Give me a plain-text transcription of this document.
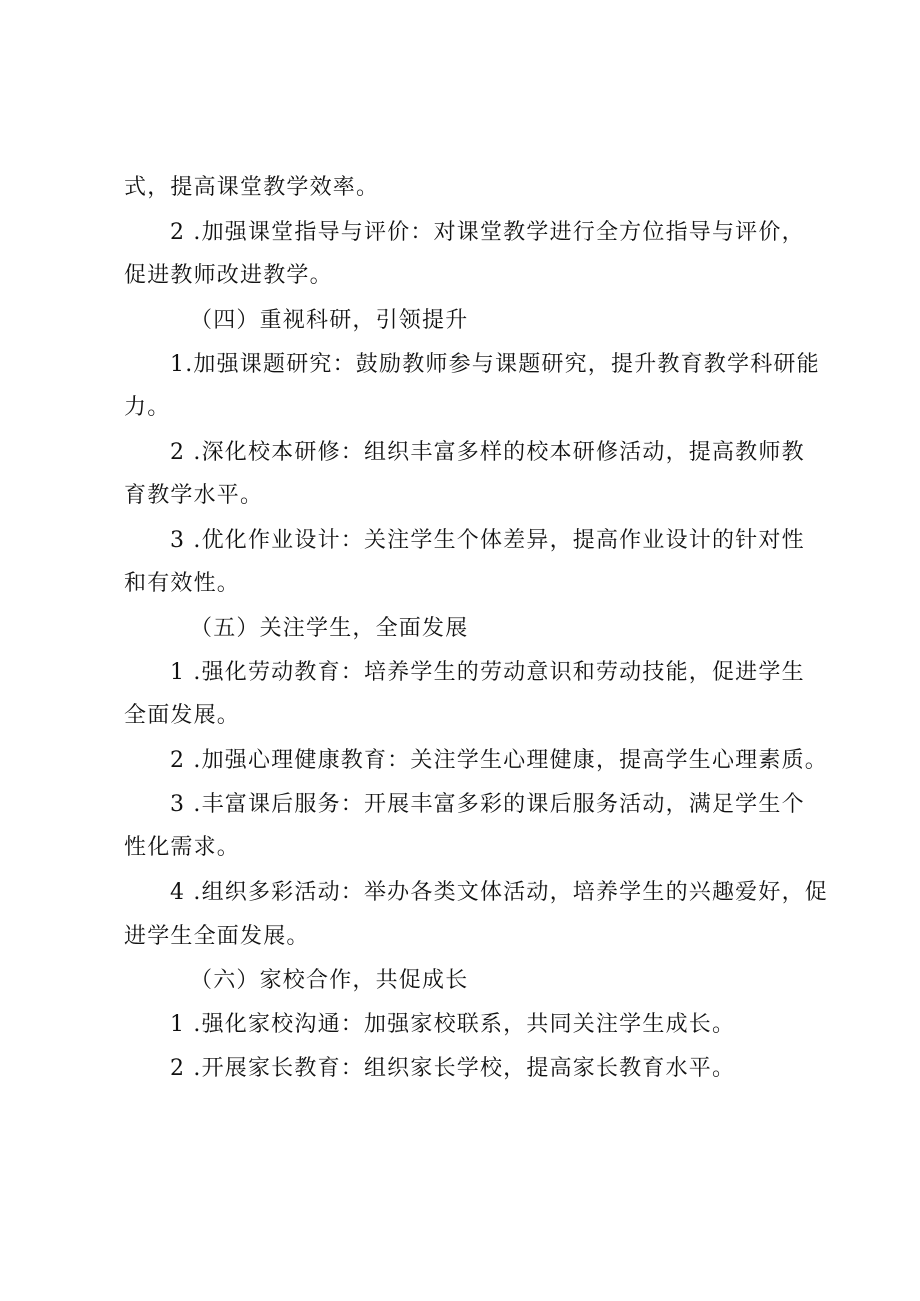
式，提高课堂教学效率。
2 .加强课堂指导与评价：对课堂教学进行全方位指导与评价，
促进教师改进教学。
（四）重视科研，引领提升
1.加强课题研究：鼓励教师参与课题研究，提升教育教学科研能
力。
2 .深化校本研修：组织丰富多样的校本研修活动，提高教师教
育教学水平。
3 .优化作业设计：关注学生个体差异，提高作业设计的针对性
和有效性。
（五）关注学生，全面发展
1 .强化劳动教育：培养学生的劳动意识和劳动技能，促进学生
全面发展。
2 .加强心理健康教育：关注学生心理健康，提高学生心理素质。
3 .丰富课后服务：开展丰富多彩的课后服务活动，满足学生个
性化需求。
4 .组织多彩活动：举办各类文体活动，培养学生的兴趣爱好，促
进学生全面发展。
（六）家校合作，共促成长
1 .强化家校沟通：加强家校联系，共同关注学生成长。
2 .开展家长教育：组织家长学校，提高家长教育水平。
